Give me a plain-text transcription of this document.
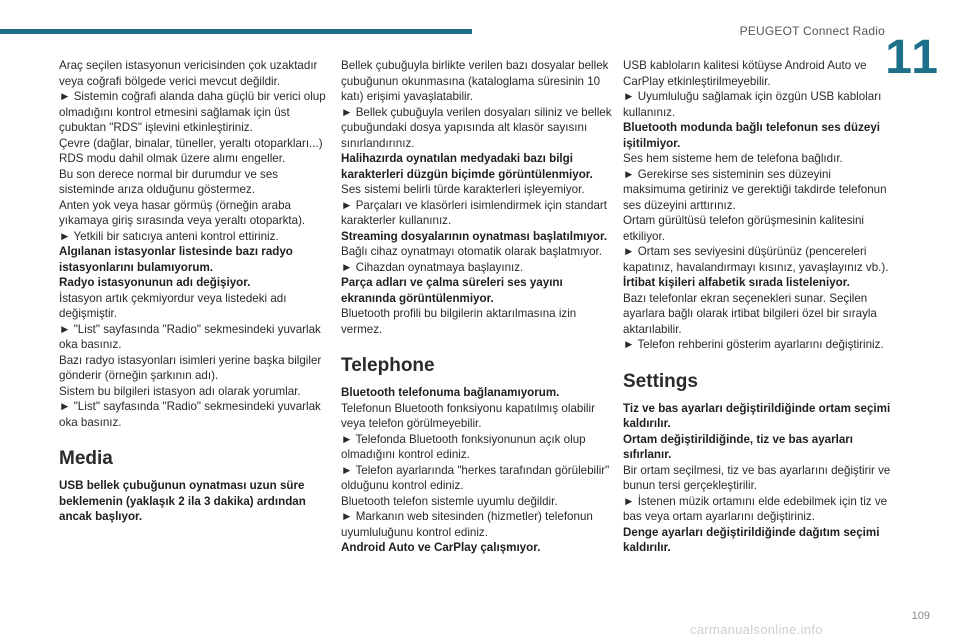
PEUGEOT Connect Radio 11

Araç seçilen istasyonun vericisinden çok uzaktadır veya coğrafi bölgede verici mevcut değildir.

► Sistemin coğrafi alanda daha güçlü bir verici olup olmadığını kontrol etmesini sağlamak için üst çubuktan "RDS" işlevini etkinleştiriniz.

Çevre (dağlar, binalar, tüneller, yeraltı otoparkları...) RDS modu dahil olmak üzere alımı engeller.

Bu son derece normal bir durumdur ve ses sisteminde arıza olduğunu göstermez.

Anten yok veya hasar görmüş (örneğin araba yıkamaya giriş sırasında veya yeraltı otoparkta).

► Yetkili bir satıcıya anteni kontrol ettiriniz.

Algılanan istasyonlar listesinde bazı radyo istasyonlarını bulamıyorum.

Radyo istasyonunun adı değişiyor.

İstasyon artık çekmiyordur veya listedeki adı değişmiştir.

► "List" sayfasında "Radio" sekmesindeki yuvarlak oka basınız.

Bazı radyo istasyonları isimleri yerine başka bilgiler gönderir (örneğin şarkının adı).

Sistem bu bilgileri istasyon adı olarak yorumlar.

► "List" sayfasında "Radio" sekmesindeki yuvarlak oka basınız.

Media

USB bellek çubuğunun oynatması uzun süre beklemenin (yaklaşık 2 ila 3 dakika) ardından ancak başlıyor.

Bellek çubuğuyla birlikte verilen bazı dosyalar bellek çubuğunun okunmasına (kataloglama süresinin 10 katı) erişimi yavaşlatabilir.

► Bellek çubuğuyla verilen dosyaları siliniz ve bellek çubuğundaki dosya yapısında alt klasör sayısını sınırlandırınız.

Halihazırda oynatılan medyadaki bazı bilgi karakterleri düzgün biçimde görüntülenmiyor.

Ses sistemi belirli türde karakterleri işleyemiyor.

► Parçaları ve klasörleri isimlendirmek için standart karakterler kullanınız.

Streaming dosyalarının oynatması başlatılmıyor.

Bağlı cihaz oynatmayı otomatik olarak başlatmıyor.

► Cihazdan oynatmaya başlayınız.

Parça adları ve çalma süreleri ses yayını ekranında görüntülenmiyor.

Bluetooth profili bu bilgilerin aktarılmasına izin vermez.

Telephone

Bluetooth telefonuma bağlanamıyorum.

Telefonun Bluetooth fonksiyonu kapatılmış olabilir veya telefon görülmeyebilir.

► Telefonda Bluetooth fonksiyonunun açık olup olmadığını kontrol ediniz.

► Telefon ayarlarında "herkes tarafından görülebilir" olduğunu kontrol ediniz.

Bluetooth telefon sistemle uyumlu değildir.

► Markanın web sitesinden (hizmetler) telefonun uyumluluğunu kontrol ediniz.

Android Auto ve CarPlay çalışmıyor.

USB kabloların kalitesi kötüyse Android Auto ve CarPlay etkinleştirilmeyebilir.

► Uyumluluğu sağlamak için özgün USB kabloları kullanınız.

Bluetooth modunda bağlı telefonun ses düzeyi işitilmiyor.

Ses hem sisteme hem de telefona bağlıdır.

► Gerekirse ses sisteminin ses düzeyini maksimuma getiriniz ve gerektiği takdirde telefonun ses düzeyini arttırınız.

Ortam gürültüsü telefon görüşmesinin kalitesini etkiliyor.

► Ortam ses seviyesini düşürünüz (pencereleri kapatınız, havalandırmayı kısınız, yavaşlayınız vb.).

İrtibat kişileri alfabetik sırada listeleniyor.

Bazı telefonlar ekran seçenekleri sunar. Seçilen ayarlara bağlı olarak irtibat bilgileri özel bir sırayla aktarılabilir.

► Telefon rehberini gösterim ayarlarını değiştiriniz.

Settings

Tiz ve bas ayarları değiştirildiğinde ortam seçimi kaldırılır.

Ortam değiştirildiğinde, tiz ve bas ayarları sıfırlanır.

Bir ortam seçilmesi, tiz ve bas ayarlarını değiştirir ve bunun tersi gerçekleştirilir.

► İstenen müzik ortamını elde edebilmek için tiz ve bas veya ortam ayarlarını değiştiriniz.

Denge ayarları değiştirildiğinde dağıtım seçimi kaldırılır.

109
carmanualsonline.info
